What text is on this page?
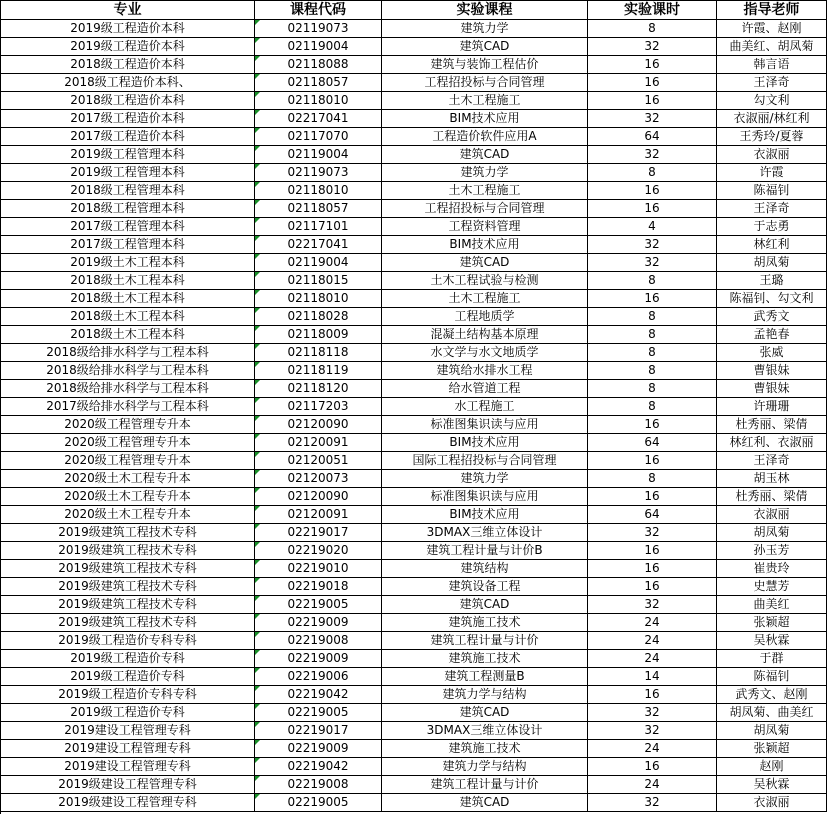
专业	课程代码	实验课程	实验课时	指导老师
2019级工程造价本科	02119073	建筑力学	8	许霞、赵刚
2019级工程造价本科	02119004	建筑CAD	32	曲美红、胡凤菊
2018级工程造价本科	02118088	建筑与装饰工程估价	16	韩言语
2018级工程造价本科、	02118057	工程招投标与合同管理	16	王泽奇
2018级工程造价本科	02118010	土木工程施工	16	勾文利
2017级工程造价本科	02217041	BIM技术应用	32	衣淑丽/林红利
2017级工程造价本科	02117070	工程造价软件应用A	64	王秀玲/夏蓉
2019级工程管理本科	02119004	建筑CAD	32	衣淑丽
2019级工程管理本科	02119073	建筑力学	8	许霞
2018级工程管理本科	02118010	土木工程施工	16	陈福钊
2018级工程管理本科	02118057	工程招投标与合同管理	16	王泽奇
2017级工程管理本科	02117101	工程资料管理	4	于志勇
2017级工程管理本科	02217041	BIM技术应用	32	林红利
2019级土木工程本科	02119004	建筑CAD	32	胡凤菊
2018级土木工程本科	02118015	土木工程试验与检测	8	王璐
2018级土木工程本科	02118010	土木工程施工	16	陈福钊、勾文利
2018级土木工程本科	02118028	工程地质学	8	武秀文
2018级土木工程本科	02118009	混凝土结构基本原理	8	孟艳春
2018级给排水科学与工程本科	02118118	水文学与水文地质学	8	张威
2018级给排水科学与工程本科	02118119	建筑给水排水工程	8	曹银妹
2018级给排水科学与工程本科	02118120	给水管道工程	8	曹银妹
2017级给排水科学与工程本科	02117203	水工程施工	8	许珊珊
2020级工程管理专升本	02120090	标准图集识读与应用	16	杜秀丽、梁倩
2020级工程管理专升本	02120091	BIM技术应用	64	林红利、衣淑丽
2020级工程管理专升本	02120051	国际工程招投标与合同管理	16	王泽奇
2020级土木工程专升本	02120073	建筑力学	8	胡玉林
2020级土木工程专升本	02120090	标准图集识读与应用	16	杜秀丽、梁倩
2020级土木工程专升本	02120091	BIM技术应用	64	衣淑丽
2019级建筑工程技术专科	02219017	3DMAX三维立体设计	32	胡凤菊
2019级建筑工程技术专科	02219020	建筑工程计量与计价B	16	孙玉芳
2019级建筑工程技术专科	02219010	建筑结构	16	崔贵玲
2019级建筑工程技术专科	02219018	建筑设备工程	16	史慧芳
2019级建筑工程技术专科	02219005	建筑CAD	32	曲美红
2019级建筑工程技术专科	02219009	建筑施工技术	24	张颖超
2019级工程造价专科专科	02219008	建筑工程计量与计价	24	吴秋霖
2019级工程造价专科	02219009	建筑施工技术	24	于群
2019级工程造价专科	02219006	建筑工程测量B	14	陈福钊
2019级工程造价专科专科	02219042	建筑力学与结构	16	武秀文、赵刚
2019级工程造价专科	02219005	建筑CAD	32	胡凤菊、曲美红
2019建设工程管理专科	02219017	3DMAX三维立体设计	32	胡凤菊
2019建设工程管理专科	02219009	建筑施工技术	24	张颖超
2019建设工程管理专科	02219042	建筑力学与结构	16	赵刚
2019级建设工程管理专科	02219008	建筑工程计量与计价	24	吴秋霖
2019级建设工程管理专科	02219005	建筑CAD	32	衣淑丽
